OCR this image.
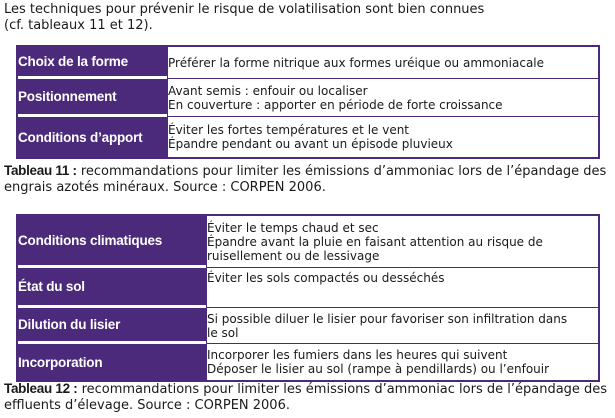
Les techniques pour prévenir le risque de volatilisation sont bien connues
(cf. tableaux 11 et 12).
Choix de la forme	Préférer la forme nitrique aux formes uréique ou ammoniacale

Positionnement	Avant semis : enfouir ou localiser
En couverture : apporter en période de forte croissance

Conditions d’apport	Éviter les fortes températures et le vent
Épandre pendant ou avant un épisode pluvieux
Tableau 11 : recommandations pour limiter les émissions d’ammoniac lors de l’épandage des
engrais azotés minéraux. Source : CORPEN 2006.
Conditions climatiques	Éviter le temps chaud et sec
Épandre avant la pluie en faisant attention au risque de
ruisellement ou de lessivage

État du sol	Éviter les sols compactés ou desséchés

Dilution du lisier	Si possible diluer le lisier pour favoriser son infiltration dans
le sol

Incorporation	Incorporer les fumiers dans les heures qui suivent
Déposer le lisier au sol (rampe à pendillards) ou l’enfouir
Tableau 12 : recommandations pour limiter les émissions d’ammoniac lors de l’épandage des
effluents d’élevage. Source : CORPEN 2006.
